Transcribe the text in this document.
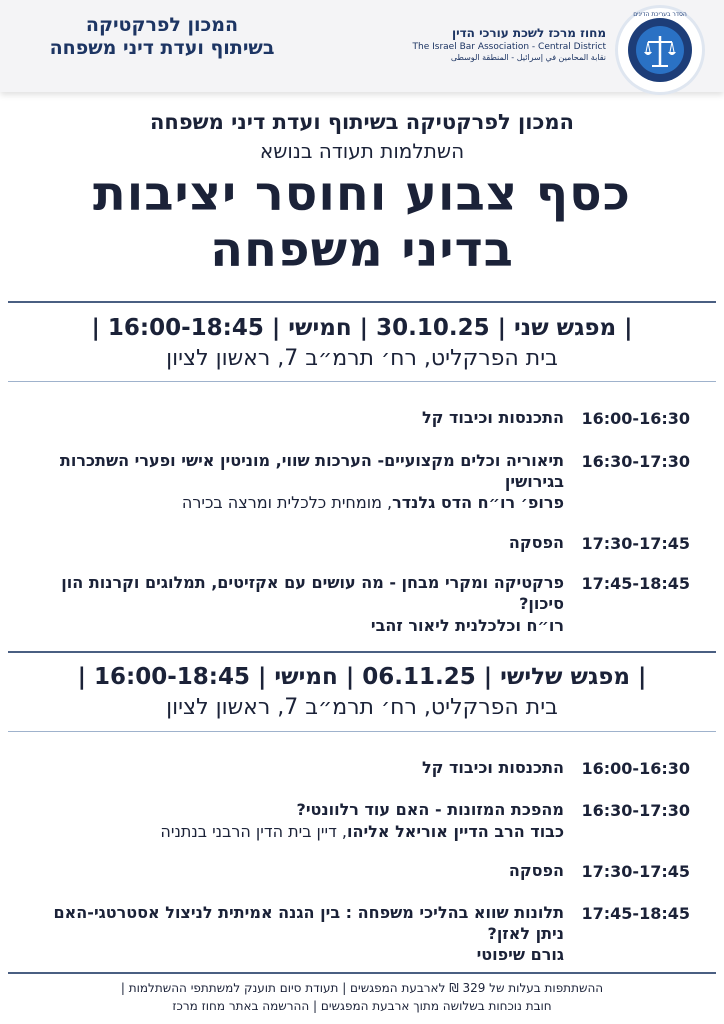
המכון לפרקטיקה
בשיתוף ועדת דיני משפחה
מחוז מרכז לשכת עורכי הדין
The Israel Bar Association - Central District
نقابة المحامين في إسرائيل - المنطقة الوسطى
הסדר בעריכת הדינים
המכון לפרקטיקה בשיתוף ועדת דיני משפחה
השתלמות תעודה בנושא
כסף צבוע וחוסר יציבות
בדיני משפחה
| מפגש שני | 30.10.25 | חמישי | 16:00-18:45 |
בית הפרקליט, רח׳ תרמ״ב 7, ראשון לציון
16:00-16:30
התכנסות וכיבוד קל
16:30-17:30
תיאוריה וכלים מקצועיים- הערכות שווי, מוניטין אישי ופערי השתכרות בגירושין
פרופ׳ רו״ח הדס גלנדר, מומחית כלכלית ומרצה בכירה
17:30-17:45
הפסקה
17:45-18:45
פרקטיקה ומקרי מבחן - מה עושים עם אקזיטים, תמלוגים וקרנות הון סיכון?
רו״ח וכלכלנית ליאור זהבי
| מפגש שלישי | 06.11.25 | חמישי | 16:00-18:45 |
בית הפרקליט, רח׳ תרמ״ב 7, ראשון לציון
16:00-16:30
התכנסות וכיבוד קל
16:30-17:30
מהפכת המזונות - האם עוד רלוונטי?
כבוד הרב הדיין אוריאל אליהו, דיין בית הדין הרבני בנתניה
17:30-17:45
הפסקה
17:45-18:45
תלונות שווא בהליכי משפחה : בין הגנה אמיתית לניצול אסטרטגי-האם ניתן לאזן?
גורם שיפוטי
ההשתתפות בעלות של 329 ₪ לארבעת המפגשים | תעודת סיום תוענק למשתתפי ההשתלמות |
חובת נוכחות בשלושה מתוך ארבעת המפגשים | ההרשמה באתר מחוז מרכז
